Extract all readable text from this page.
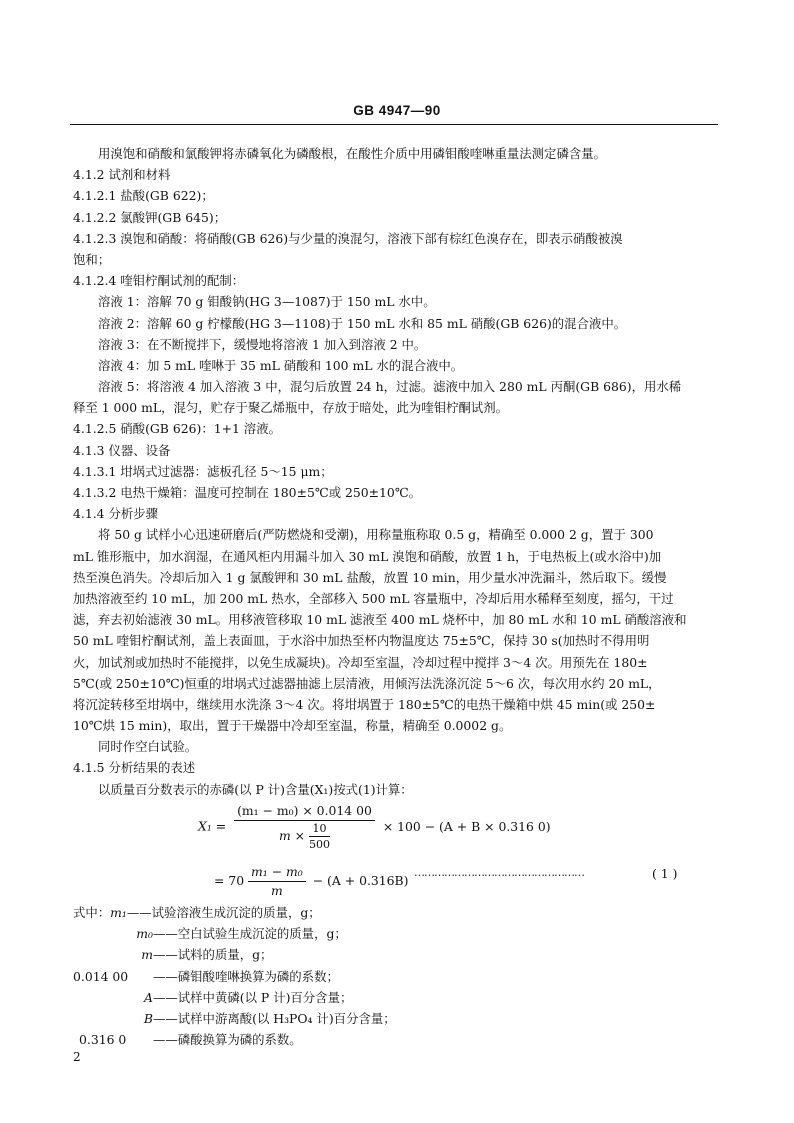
GB 4947—90
用溴饱和硝酸和氯酸钾将赤磷氧化为磷酸根，在酸性介质中用磷钼酸喹啉重量法测定磷含量。
4.1.2 试剂和材料
4.1.2.1 盐酸(GB 622)；
4.1.2.2 氯酸钾(GB 645)；
4.1.2.3 溴饱和硝酸：将硝酸(GB 626)与少量的溴混匀，溶液下部有棕红色溴存在，即表示硝酸被溴
饱和；
4.1.2.4 喹钼柠酮试剂的配制：
溶液 1：溶解 70 g 钼酸钠(HG 3—1087)于 150 mL 水中。
溶液 2：溶解 60 g 柠檬酸(HG 3—1108)于 150 mL 水和 85 mL 硝酸(GB 626)的混合液中。
溶液 3：在不断搅拌下，缓慢地将溶液 1 加入到溶液 2 中。
溶液 4：加 5 mL 喹啉于 35 mL 硝酸和 100 mL 水的混合液中。
溶液 5：将溶液 4 加入溶液 3 中，混匀后放置 24 h，过滤。滤液中加入 280 mL 丙酮(GB 686)，用水稀
释至 1 000 mL，混匀，贮存于聚乙烯瓶中，存放于暗处，此为喹钼柠酮试剂。
4.1.2.5 硝酸(GB 626)：1+1 溶液。
4.1.3 仪器、设备
4.1.3.1 坩埚式过滤器：滤板孔径 5～15 μm；
4.1.3.2 电热干燥箱：温度可控制在 180±5℃或 250±10℃。
4.1.4 分析步骤
将 50 g 试样小心迅速研磨后(严防燃烧和受潮)，用称量瓶称取 0.5 g，精确至 0.000 2 g，置于 300
mL 锥形瓶中，加水润湿，在通风柜内用漏斗加入 30 mL 溴饱和硝酸，放置 1 h，于电热板上(或水浴中)加
热至溴色消失。冷却后加入 1 g 氯酸钾和 30 mL 盐酸，放置 10 min，用少量水冲洗漏斗，然后取下。缓慢
加热溶液至约 10 mL，加 200 mL 热水，全部移入 500 mL 容量瓶中，冷却后用水稀释至刻度，摇匀，干过
滤，弃去初始滤液 30 mL。用移液管移取 10 mL 滤液至 400 mL 烧杯中，加 80 mL 水和 10 mL 硝酸溶液和
50 mL 喹钼柠酮试剂，盖上表面皿，于水浴中加热至杯内物温度达 75±5℃，保持 30 s(加热时不得用明
火，加试剂或加热时不能搅拌，以免生成凝块)。冷却至室温，冷却过程中搅拌 3～4 次。用预先在 180±
5℃(或 250±10℃)恒重的坩埚式过滤器抽滤上层清液，用倾泻法洗涤沉淀 5～6 次，每次用水约 20 mL，
将沉淀转移至坩埚中，继续用水洗涤 3～4 次。将坩埚置于 180±5℃的电热干燥箱中烘 45 min(或 250±
10℃烘 15 min)，取出，置于干燥器中冷却至室温，称量，精确至 0.0002 g。
同时作空白试验。
4.1.5 分析结果的表述
以质量百分数表示的赤磷(以 P 计)含量(X₁)按式(1)计算：
$X_1 = \frac{\text{(m₁ − m₀) × 0.014 00}}{m \times \frac{10}{500}} \times 100 - (A + B \times 0.316$ 0)
= $70 \frac{\text{m₁ − m₀}}{m} - (A + 0.316B)$
……………………………………………	( 1 )
式中：m₁——试验溶液生成沉淀的质量，g；
m₀——空白试验生成沉淀的质量，g；
m——试料的质量，g；
0.014 00 ——磷钼酸喹啉换算为磷的系数；
A——试样中黄磷(以 P 计)百分含量；
B——试样中游离酸(以 H₃PO₄ 计)百分含量；
0.316 0 ——磷酸换算为磷的系数。
2
